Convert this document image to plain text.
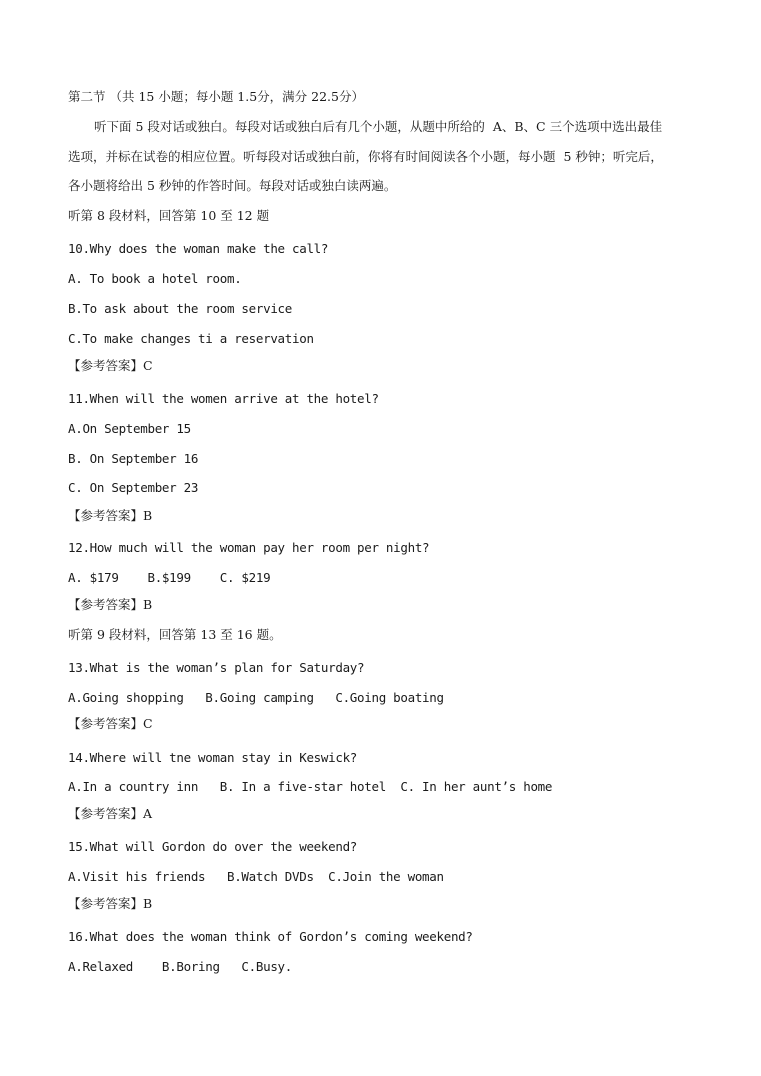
第二节 （共 15 小题；每小题 1.5分，满分 22.5分）
听下面 5 段对话或独白。每段对话或独白后有几个小题，从题中所给的  A、B、C 三个选项中选出最佳
选项，并标在试卷的相应位置。听每段对话或独白前，你将有时间阅读各个小题，每小题  5 秒钟；听完后，
各小题将给出 5 秒钟的作答时间。每段对话或独白读两遍。
听第 8 段材料，回答第 10 至 12 题
10.Why does the woman make the call?
A. To book a hotel room.
B.To ask about the room service
C.To make changes ti a reservation
【参考答案】C
11.When will the women arrive at the hotel?
A.On September 15
B. On September 16
C. On September 23
【参考答案】B
12.How much will the woman pay her room per night?
A. $179    B.$199    C. $219
【参考答案】B
听第 9 段材料，回答第 13 至 16 题。
13.What is the woman’s plan for Saturday?
A.Going shopping   B.Going camping   C.Going boating
【参考答案】C
14.Where will tne woman stay in Keswick?
A.In a country inn   B. In a five-star hotel  C. In her aunt’s home
【参考答案】A
15.What will Gordon do over the weekend?
A.Visit his friends   B.Watch DVDs  C.Join the woman
【参考答案】B
16.What does the woman think of Gordon’s coming weekend?
A.Relaxed    B.Boring   C.Busy.
